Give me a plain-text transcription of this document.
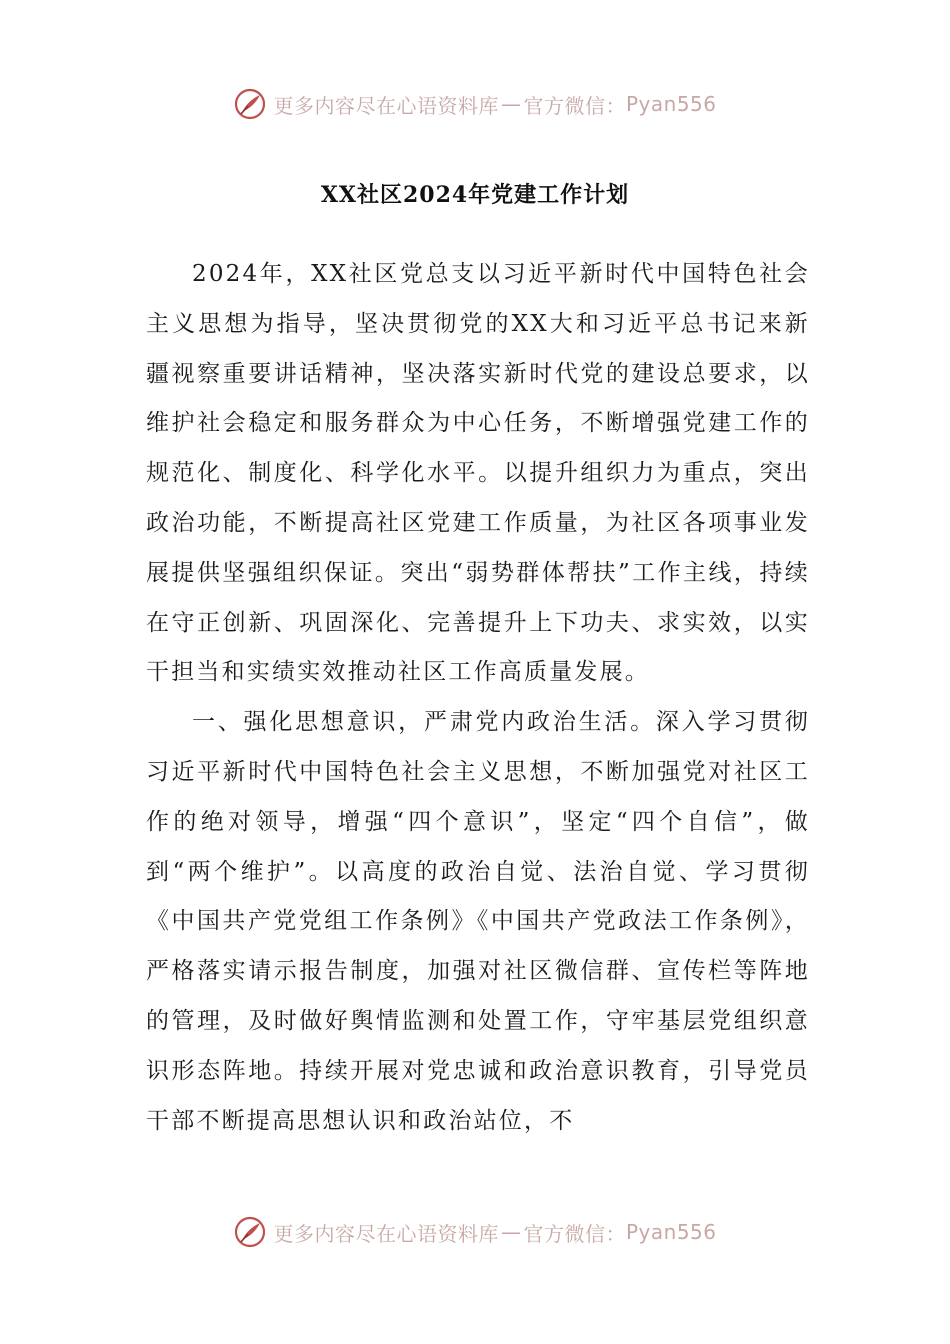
更多内容尽在心语资料库 — 官方微信： Pyan556
XX社区2024年党建工作计划

2024年，XX社区党总支以习近平新时代中国特色社会主义思想为指导，坚决贯彻党的XX大和习近平总书记来新疆视察重要讲话精神，坚决落实新时代党的建设总要求，以维护社会稳定和服务群众为中心任务，不断增强党建工作的规范化、制度化、科学化水平。以提升组织力为重点，突出政治功能，不断提高社区党建工作质量，为社区各项事业发展提供坚强组织保证。突出“弱势群体帮扶”工作主线，持续在守正创新、巩固深化、完善提升上下功夫、求实效，以实干担当和实绩实效推动社区工作高质量发展。

一、强化思想意识，严肃党内政治生活。深入学习贯彻习近平新时代中国特色社会主义思想，不断加强党对社区工作的绝对领导，增强“四个意识”，坚定“四个自信”，做到“两个维护”。以高度的政治自觉、法治自觉、学习贯彻《中国共产党党组工作条例》《中国共产党政法工作条例》，严格落实请示报告制度，加强对社区微信群、宣传栏等阵地的管理，及时做好舆情监测和处置工作，守牢基层党组织意识形态阵地。持续开展对党忠诚和政治意识教育，引导党员干部不断提高思想认识和政治站位，不

更多内容尽在心语资料库 — 官方微信： Pyan556
